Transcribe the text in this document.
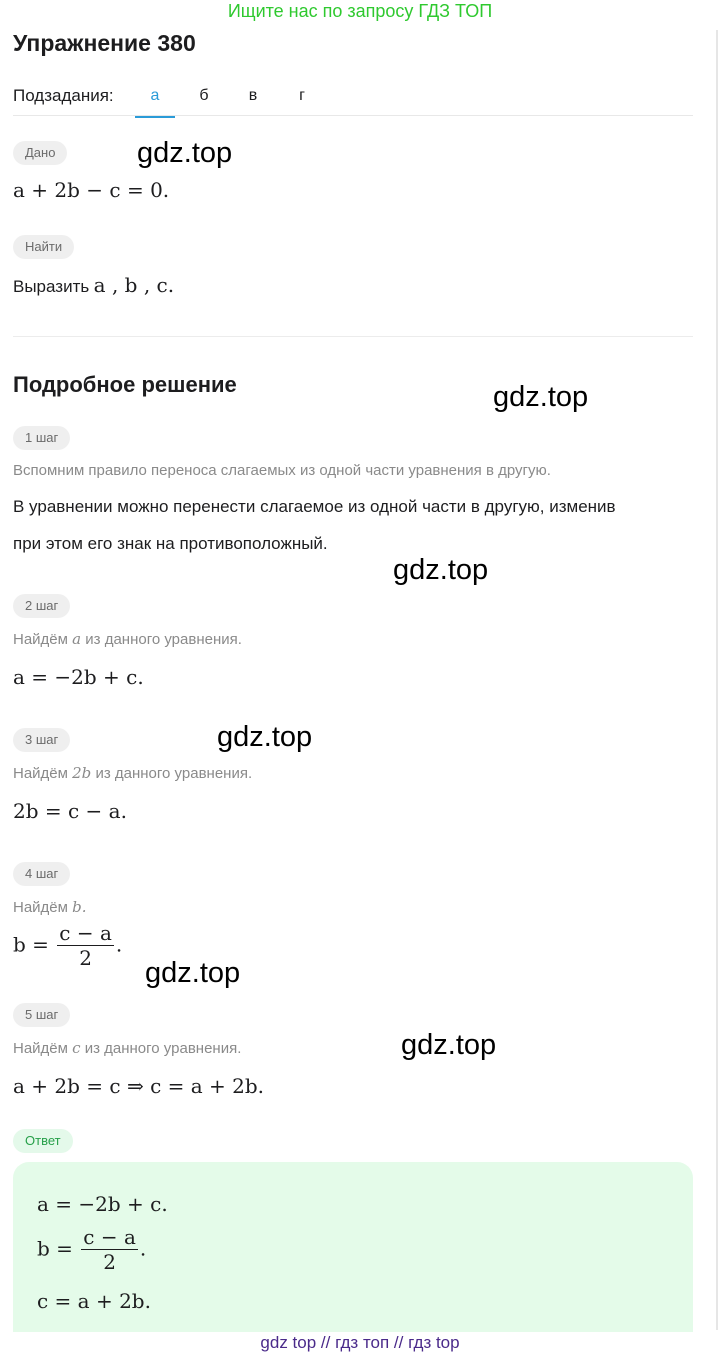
Ищите нас по запросу ГДЗ ТОП
Упражнение 380
Подзадания:	а	б	в	г
Дано
a + 2b − c = 0.
Найти
Выразить a , b , c.
Подробное решение
1 шаг
Вспомним правило переноса слагаемых из одной части уравнения в другую.
В уравнении можно перенести слагаемое из одной части в другую, изменив
при этом его знак на противоположный.
2 шаг
Найдём a из данного уравнения.
a = −2b + c.
3 шаг
Найдём 2b из данного уравнения.
2b = c − a.
4 шаг
Найдём b.
$b = \frac{c - a}{2}$ .
5 шаг
Найдём c из данного уравнения.
a + 2b = c ⇒ c = a + 2b.
Ответ
a = −2b + c.
$b = \frac{c - a}{2}$ .
c = a + 2b.
gdz.top
gdz.top
gdz.top
gdz.top
gdz.top
gdz.top
gdz top // гдз топ // гдз top
